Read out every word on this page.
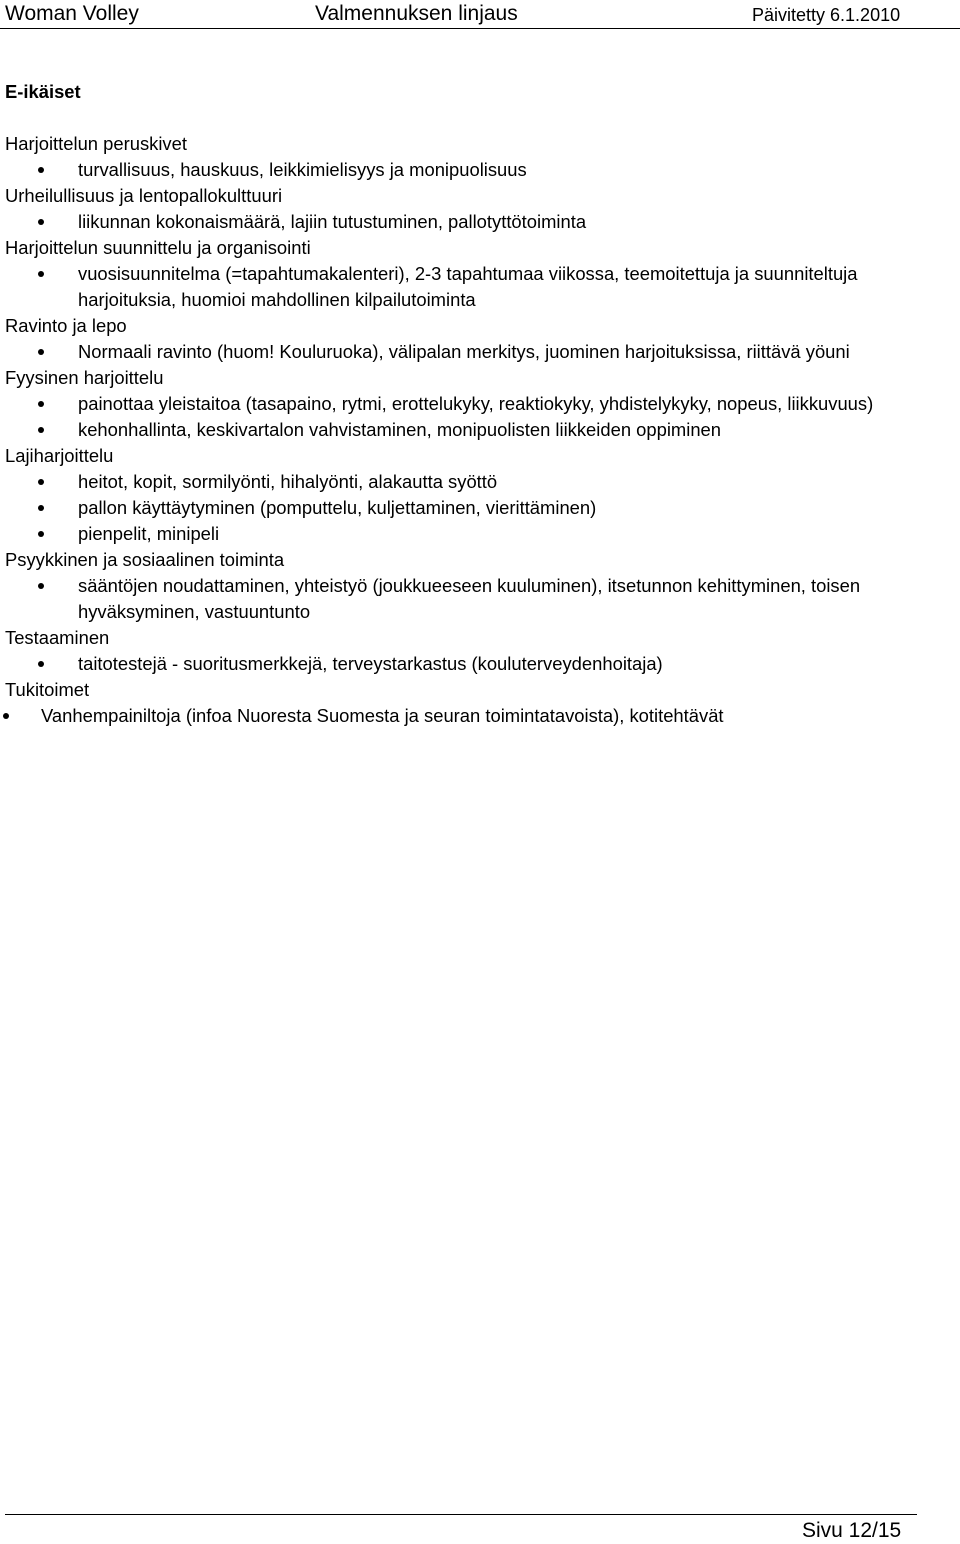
Woman Volley	Valmennuksen linjaus	Päivitetty 6.1.2010
E-ikäiset
Harjoittelun peruskivet
turvallisuus, hauskuus, leikkimielisyys ja monipuolisuus
Urheilullisuus ja lentopallokulttuuri
liikunnan kokonaismäärä, lajiin tutustuminen, pallotyttötoiminta
Harjoittelun suunnittelu ja organisointi
vuosisuunnitelma (=tapahtumakalenteri), 2-3 tapahtumaa viikossa, teemoitettuja ja suunniteltuja harjoituksia, huomioi mahdollinen kilpailutoiminta
Ravinto ja lepo
Normaali ravinto (huom! Kouluruoka), välipalan merkitys, juominen harjoituksissa, riittävä yöuni
Fyysinen harjoittelu
painottaa yleistaitoa (tasapaino, rytmi, erottelukyky, reaktiokyky, yhdistelykyky, nopeus, liikkuvuus)
kehonhallinta, keskivartalon vahvistaminen, monipuolisten liikkeiden oppiminen
Lajiharjoittelu
heitot, kopit, sormilyönti, hihalyönti, alakautta syöttö
pallon käyttäytyminen (pomputtelu, kuljettaminen, vierittäminen)
pienpelit, minipeli
Psyykkinen ja sosiaalinen toiminta
sääntöjen noudattaminen, yhteistyö (joukkueeseen kuuluminen), itsetunnon kehittyminen, toisen hyväksyminen, vastuuntunto
Testaaminen
taitotestejä - suoritusmerkkejä, terveystarkastus (kouluterveydenhoitaja)
Tukitoimet
Vanhempainiltoja (infoa Nuoresta Suomesta ja seuran toimintatavoista), kotitehtävät
Sivu 12/15
